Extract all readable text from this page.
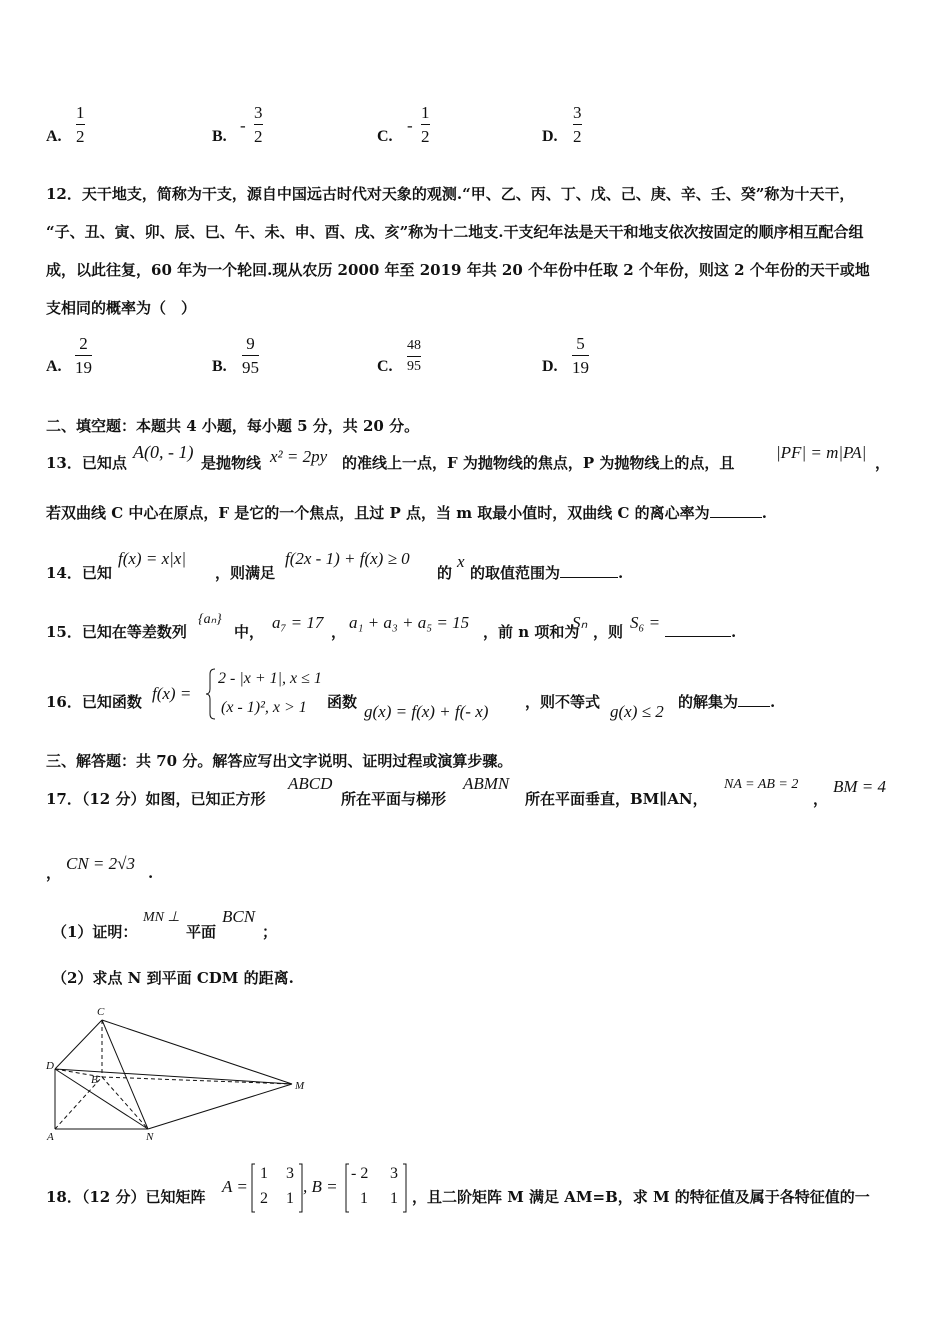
A.
1
2	B.
-
3
2	C.
-
1
2	D.
3
2
12．天干地支，简称为干支，源自中国远古时代对天象的观测.“甲、乙、丙、丁、戊、己、庚、辛、壬、癸”称为十天干，
“子、丑、寅、卯、辰、巳、午、未、申、酉、戌、亥”称为十二地支.干支纪年法是天干和地支依次按固定的顺序相互配合组
成，以此往复，60 年为一个轮回.现从农历 2000 年至 2019 年共 20 个年份中任取 2 个年份，则这 2 个年份的天干或地
支相同的概率为（　）
A.
2
19	B.
9
95	C.
48
95	D.
5
19
二、填空题：本题共 4 小题，每小题 5 分，共 20 分。
13．已知点
A(0, - 1)
是抛物线 x² = 2py 的准线上一点，F 为抛物线的焦点，P 为抛物线上的点，且
|PF| = m|PA|
，
若双曲线 C 中心在原点，F 是它的一个焦点，且过 P 点，当 m 取最小值时，双曲线 C 的离心率为	.
14．已知
f(x) = x|x|
，则满足
f(2x - 1) + f(x) ≥ 0
的
x
的取值范围为	.
15．已知在等差数列
{aₙ}
中， a₇ = 17 ， a₁ + a₃ + a₅ = 15 ，前 n 项和为
Sₙ ，则 S₆ =	.
16．已知函数 f(x) =
2 - |x + 1|, x ≤ 1
(x - 1)², x > 1 函数 g(x) = f(x) + f(- x) ，则不等式 g(x) ≤ 2 的解集为 .
三、解答题：共 70 分。解答应写出文字说明、证明过程或演算步骤。
17．（12 分）如图，已知正方形
ABCD
所在平面与梯形
ABMN
所在平面垂直，BM∥AN，
NA = AB = 2
，
BM = 4
， CN = 2√3 .
（1）证明：
MN ⊥
平面
BCN
；
（2）求点 N 到平面 CDM 的距离.
C
D
B	M
A	N
18．（12 分）已知矩阵
A =
1 3
2 1
, B =
- 2 3
1 1 ，且二阶矩阵 M 满足 AM=B，求 M 的特征值及属于各特征值的一
